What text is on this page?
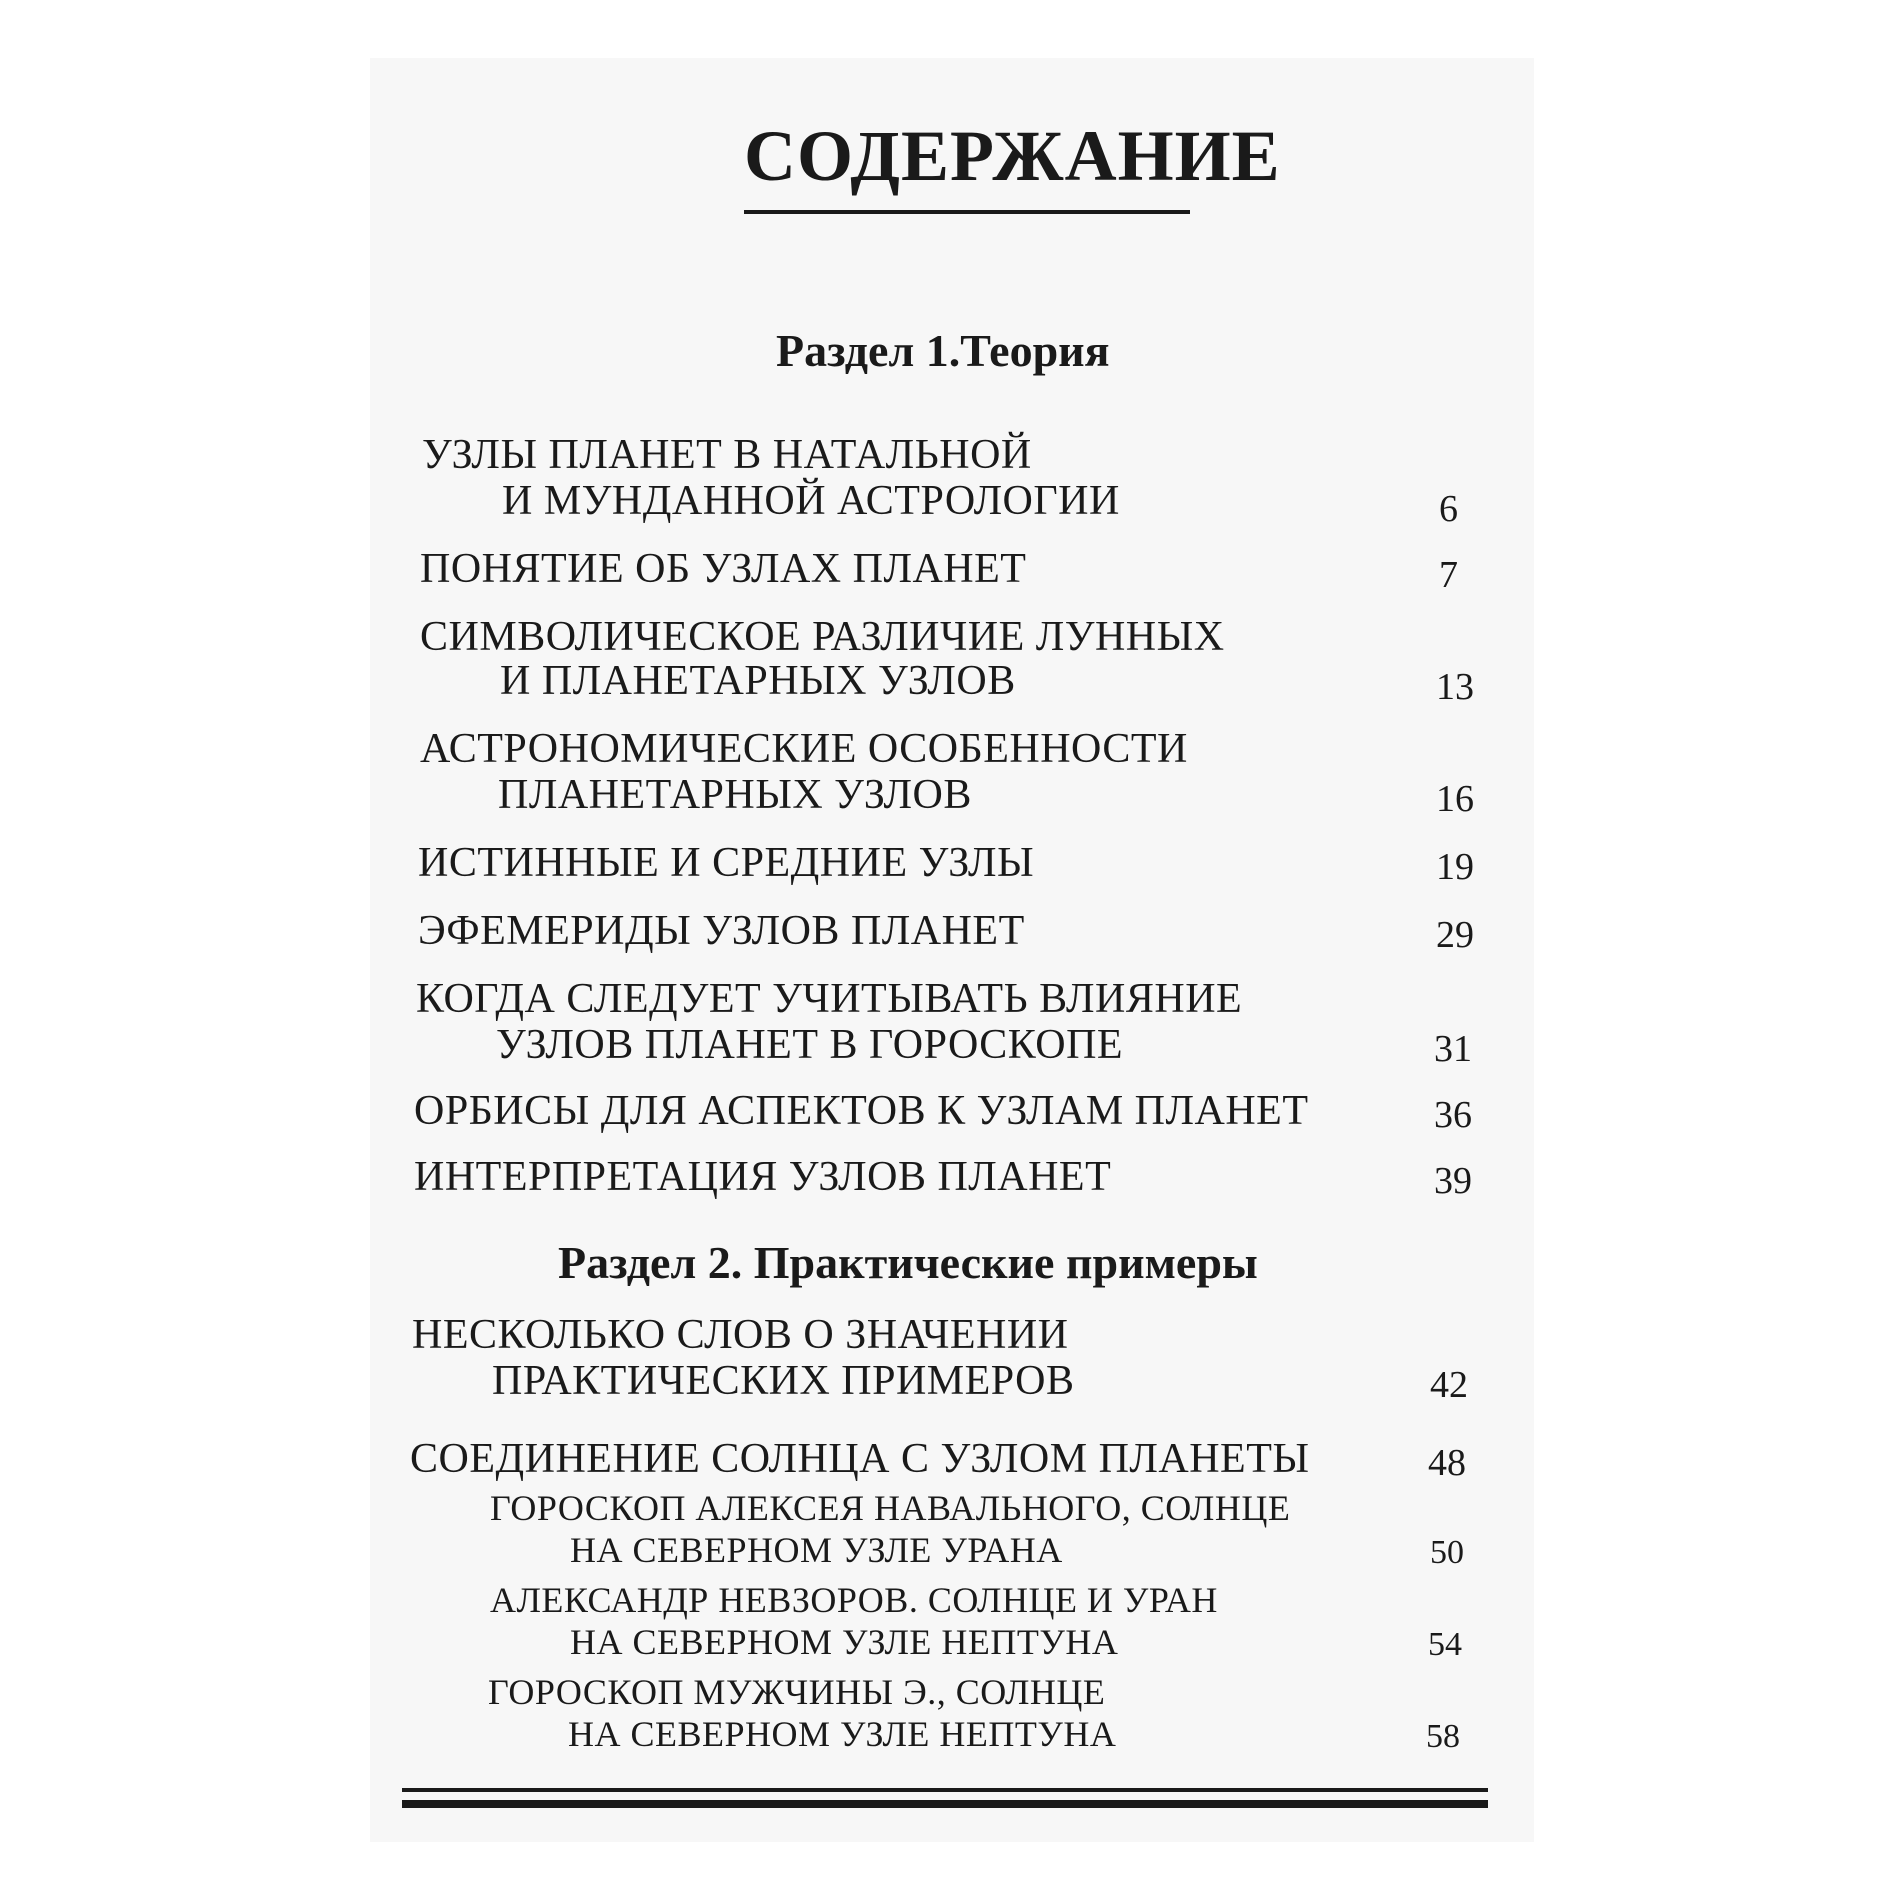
СОДЕРЖАНИЕ
Раздел 1.Теория
УЗЛЫ ПЛАНЕТ В НАТАЛЬНОЙ
И МУНДАННОЙ АСТРОЛОГИИ	6
ПОНЯТИЕ ОБ УЗЛАХ ПЛАНЕТ	7
СИМВОЛИЧЕСКОЕ РАЗЛИЧИЕ ЛУННЫХ
И ПЛАНЕТАРНЫХ УЗЛОВ	13
АСТРОНОМИЧЕСКИЕ ОСОБЕННОСТИ
ПЛАНЕТАРНЫХ УЗЛОВ	16
ИСТИННЫЕ И СРЕДНИЕ УЗЛЫ	19
ЭФЕМЕРИДЫ УЗЛОВ ПЛАНЕТ	29
КОГДА СЛЕДУЕТ УЧИТЫВАТЬ ВЛИЯНИЕ
УЗЛОВ ПЛАНЕТ В ГОРОСКОПЕ	31
ОРБИСЫ ДЛЯ АСПЕКТОВ К УЗЛАМ ПЛАНЕТ	36
ИНТЕРПРЕТАЦИЯ УЗЛОВ ПЛАНЕТ	39
Раздел 2. Практические примеры
НЕСКОЛЬКО СЛОВ О ЗНАЧЕНИИ
ПРАКТИЧЕСКИХ ПРИМЕРОВ	42
СОЕДИНЕНИЕ СОЛНЦА С УЗЛОМ ПЛАНЕТЫ	48
ГОРОСКОП АЛЕКСЕЯ НАВАЛЬНОГО, СОЛНЦЕ
НА СЕВЕРНОМ УЗЛЕ УРАНА	50
АЛЕКСАНДР НЕВЗОРОВ. СОЛНЦЕ И УРАН
НА СЕВЕРНОМ УЗЛЕ НЕПТУНА	54
ГОРОСКОП МУЖЧИНЫ Э., СОЛНЦЕ
НА СЕВЕРНОМ УЗЛЕ НЕПТУНА	58
